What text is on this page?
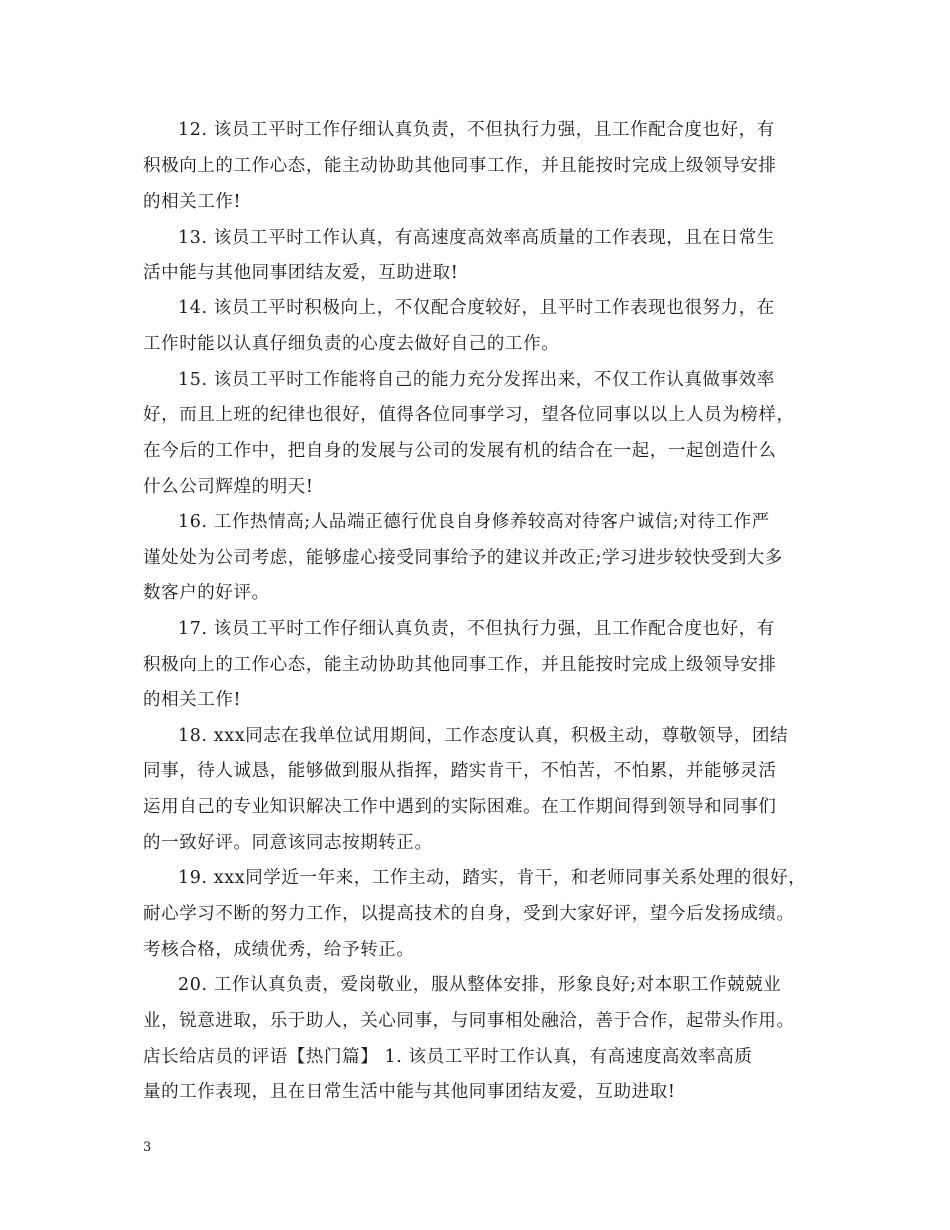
12. 该员工平时工作仔细认真负责，不但执行力强，且工作配合度也好，有
积极向上的工作心态，能主动协助其他同事工作，并且能按时完成上级领导安排
的相关工作!
13. 该员工平时工作认真，有高速度高效率高质量的工作表现，且在日常生
活中能与其他同事团结友爱，互助进取!
14. 该员工平时积极向上，不仅配合度较好，且平时工作表现也很努力，在
工作时能以认真仔细负责的心度去做好自己的工作。
15. 该员工平时工作能将自己的能力充分发挥出来，不仅工作认真做事效率
好，而且上班的纪律也很好，值得各位同事学习，望各位同事以以上人员为榜样，
在今后的工作中，把自身的发展与公司的发展有机的结合在一起，一起创造什么
什么公司辉煌的明天!
16. 工作热情高;人品端正德行优良自身修养较高对待客户诚信;对待工作严
谨处处为公司考虑，能够虚心接受同事给予的建议并改正;学习进步较快受到大多
数客户的好评。
17. 该员工平时工作仔细认真负责，不但执行力强，且工作配合度也好，有
积极向上的工作心态，能主动协助其他同事工作，并且能按时完成上级领导安排
的相关工作!
18. xxx同志在我单位试用期间，工作态度认真，积极主动，尊敬领导，团结
同事，待人诚恳，能够做到服从指挥，踏实肯干，不怕苦，不怕累，并能够灵活
运用自己的专业知识解决工作中遇到的实际困难。在工作期间得到领导和同事们
的一致好评。同意该同志按期转正。
19. xxx同学近一年来，工作主动，踏实，肯干，和老师同事关系处理的很好，
耐心学习不断的努力工作，以提高技术的自身，受到大家好评，望今后发扬成绩。
考核合格，成绩优秀，给予转正。
20. 工作认真负责，爱岗敬业，服从整体安排，形象良好;对本职工作兢兢业
业，锐意进取，乐于助人，关心同事，与同事相处融洽，善于合作，起带头作用。
店长给店员的评语【热门篇】 1. 该员工平时工作认真，有高速度高效率高质
量的工作表现，且在日常生活中能与其他同事团结友爱，互助进取!
3
